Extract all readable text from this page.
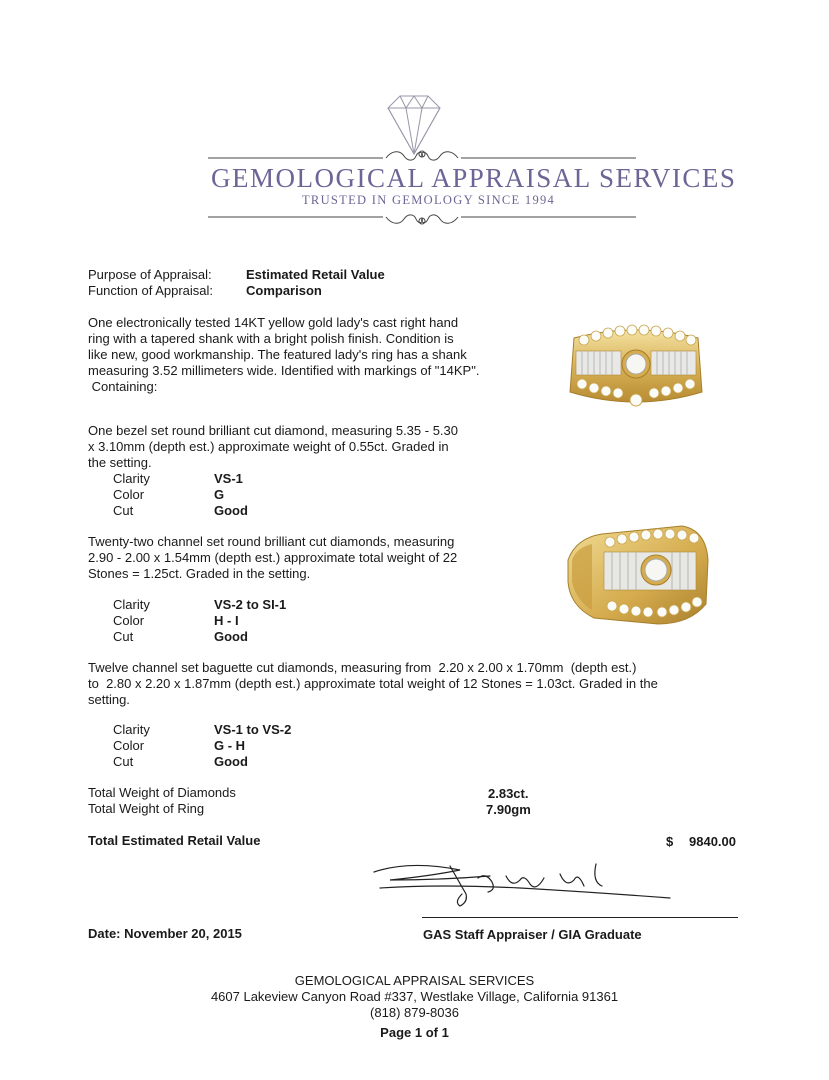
GEMOLOGICAL APPRAISAL SERVICES
TRUSTED IN GEMOLOGY SINCE 1994
Purpose of Appraisal:	Estimated Retail Value
Function of Appraisal:	Comparison
One electronically tested 14KT yellow gold lady's cast right hand
ring with a tapered shank with a bright polish finish. Condition is
like new, good workmanship. The featured lady's ring has a shank
measuring 3.52 millimeters wide. Identified with markings of "14KP".
Containing:
One bezel set round brilliant cut diamond, measuring 5.35 - 5.30
x 3.10mm (depth est.) approximate weight of 0.55ct. Graded in
the setting.
Clarity	VS-1
Color	G
Cut	Good
Twenty-two channel set round brilliant cut diamonds, measuring
2.90 - 2.00 x 1.54mm (depth est.) approximate total weight of 22
Stones = 1.25ct. Graded in the setting.
Clarity	VS-2 to SI-1
Color	H - I
Cut	Good
Twelve channel set baguette cut diamonds, measuring from  2.20 x 2.00 x 1.70mm  (depth est.)
to  2.80 x 2.20 x 1.87mm (depth est.) approximate total weight of 12 Stones = 1.03ct. Graded in the
setting.
Clarity	VS-1 to VS-2
Color	G - H
Cut	Good
Total Weight of Diamonds	2.83ct.
Total Weight of Ring	7.90gm
Total Estimated Retail Value	$ 9840.00
Date: November 20, 2015	GAS Staff Appraiser / GIA Graduate
GEMOLOGICAL APPRAISAL SERVICES
4607 Lakeview Canyon Road #337, Westlake Village, California 91361
(818) 879-8036
Page 1 of 1
